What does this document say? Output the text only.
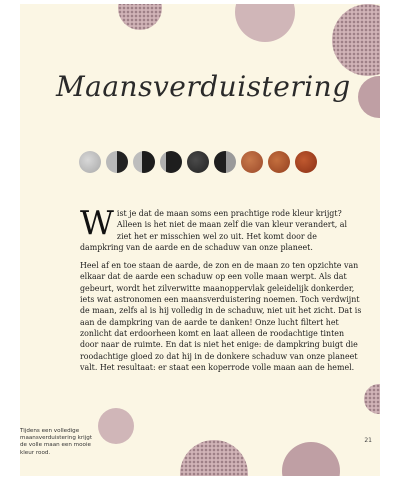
Maansverduistering

Wist je dat de maan soms een prachtige rode kleur krijgt? Alleen is het niet de maan zelf die van kleur verandert, al ziet het er misschien wel zo uit. Het komt door de dampkring van de aarde en de schaduw van onze planeet.

Heel af en toe staan de aarde, de zon en de maan zo ten opzichte van elkaar dat de aarde een schaduw op een volle maan werpt. Als dat gebeurt, wordt het zilverwitte maanoppervlak geleidelijk donkerder, iets wat astronomen een maansverduistering noemen. Toch verdwijnt de maan, zelfs al is hij volledig in de schaduw, niet uit het zicht. Dat is aan de dampkring van de aarde te danken! Onze lucht filtert het zonlicht dat erdoorheen komt en laat alleen de roodachtige tinten door naar de ruimte. En dat is niet het enige: de dampkring buigt die roodachtige gloed zo dat hij in de donkere schaduw van onze planeet valt. Het resultaat: er staat een koperrode volle maan aan de hemel.

Tijdens een volledige maansverduistering krijgt de volle maan een mooie kleur rood.
21
